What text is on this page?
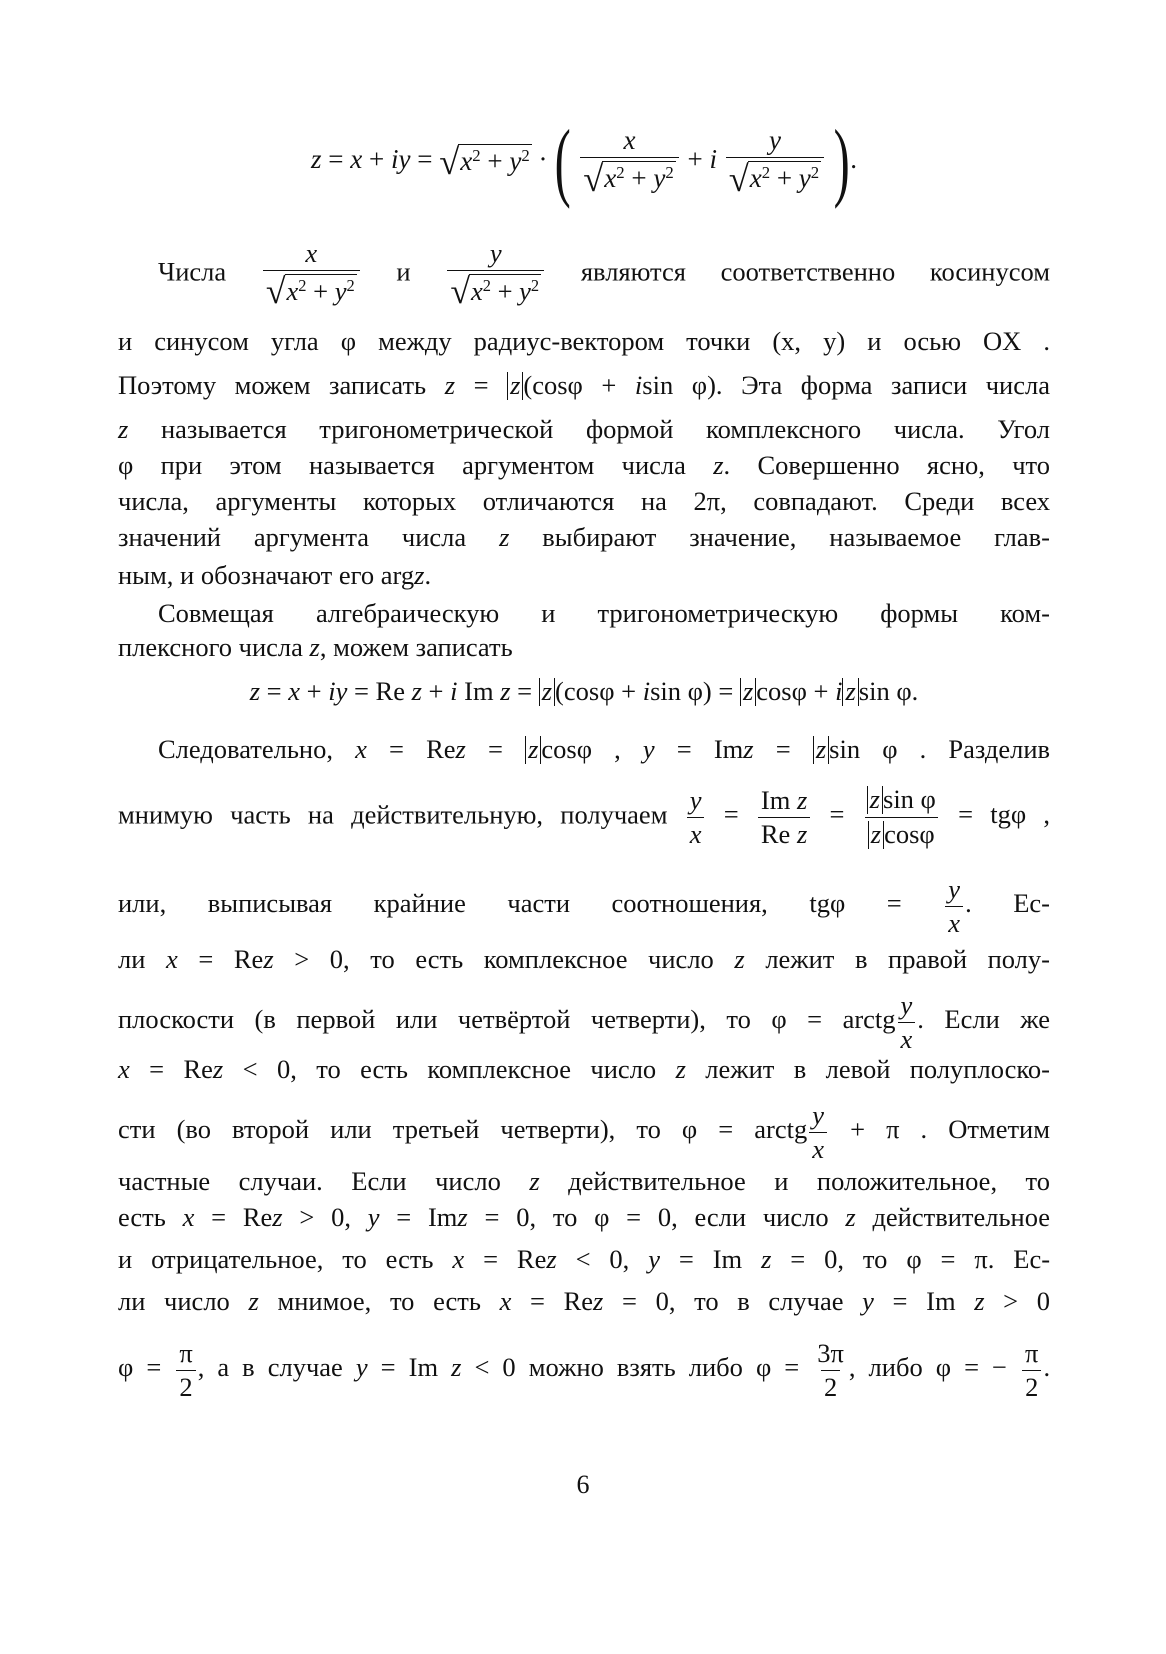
z = x + iy = √ $x^2 + y^2$ · ( $\frac{x}{√ x^2 + y^2} + i \frac{y}{√ x^2 + y^2}$ ).
Числа $\frac{x}{√ x^2 + y^2}$ и $\frac{y}{√ x^2 + y^2}$ являются соответственно косинусом
и синусом угла φ между радиус-вектором точки (x, y) и осью OX .
Поэтому можем записать z = z (cosφ + isin φ). Эта форма записи числа
z называется тригонометрической формой комплексного числа. Угол
φ при этом называется аргументом числа z. Совершенно ясно, что
числа, аргументы которых отличаются на 2π, совпадают. Среди всех
значений аргумента числа z выбирают значение, называемое глав-
ным, и обозначают его argz.
Совмещая алгебраическую и тригонометрическую формы ком-
плексного числа z, можем записать
z = x + iy = Re z + i Im z = z (cosφ + isin φ) = z cosφ + i z sin φ.
Следовательно, x = Rez = z cosφ , y = Imz = z sin φ . Разделив
мнимую часть на действительную, получаем $\frac{y}{x} = \frac{\text{Im z}}{\text{Re z}} = \frac{\text{z sin φ}}{\text{z cosφ}} = tg\varphi$ ,
или, выписывая крайние части соотношения, $tg\varphi = \frac{y}{x}$ . Ес-
ли x = Rez > 0, то есть комплексное число z лежит в правой полу-
плоскости (в первой или четвёртой четверти), то φ = arctg $\frac{y}{x}$ . Если же
x = Rez < 0, то есть комплексное число z лежит в левой полуплоско-
сти (во второй или третьей четверти), то φ = arctg $\frac{y}{x} + \pi$ . Отметим
частные случаи. Если число z действительное и положительное, то
есть x = Rez > 0, y = Imz = 0, то φ = 0, если число z действительное
и отрицательное, то есть x = Rez < 0, y = Im z = 0, то φ = π. Ес-
ли число z мнимое, то есть x = Rez = 0, то в случае y = Im z > 0
$\varphi = \frac{\pi}{2}$ , а в случае y = Im z < 0 можно взять либо $\varphi = \frac{3\pi}{2}$ , либо φ = − $\frac{\pi}{2}$ .
6
